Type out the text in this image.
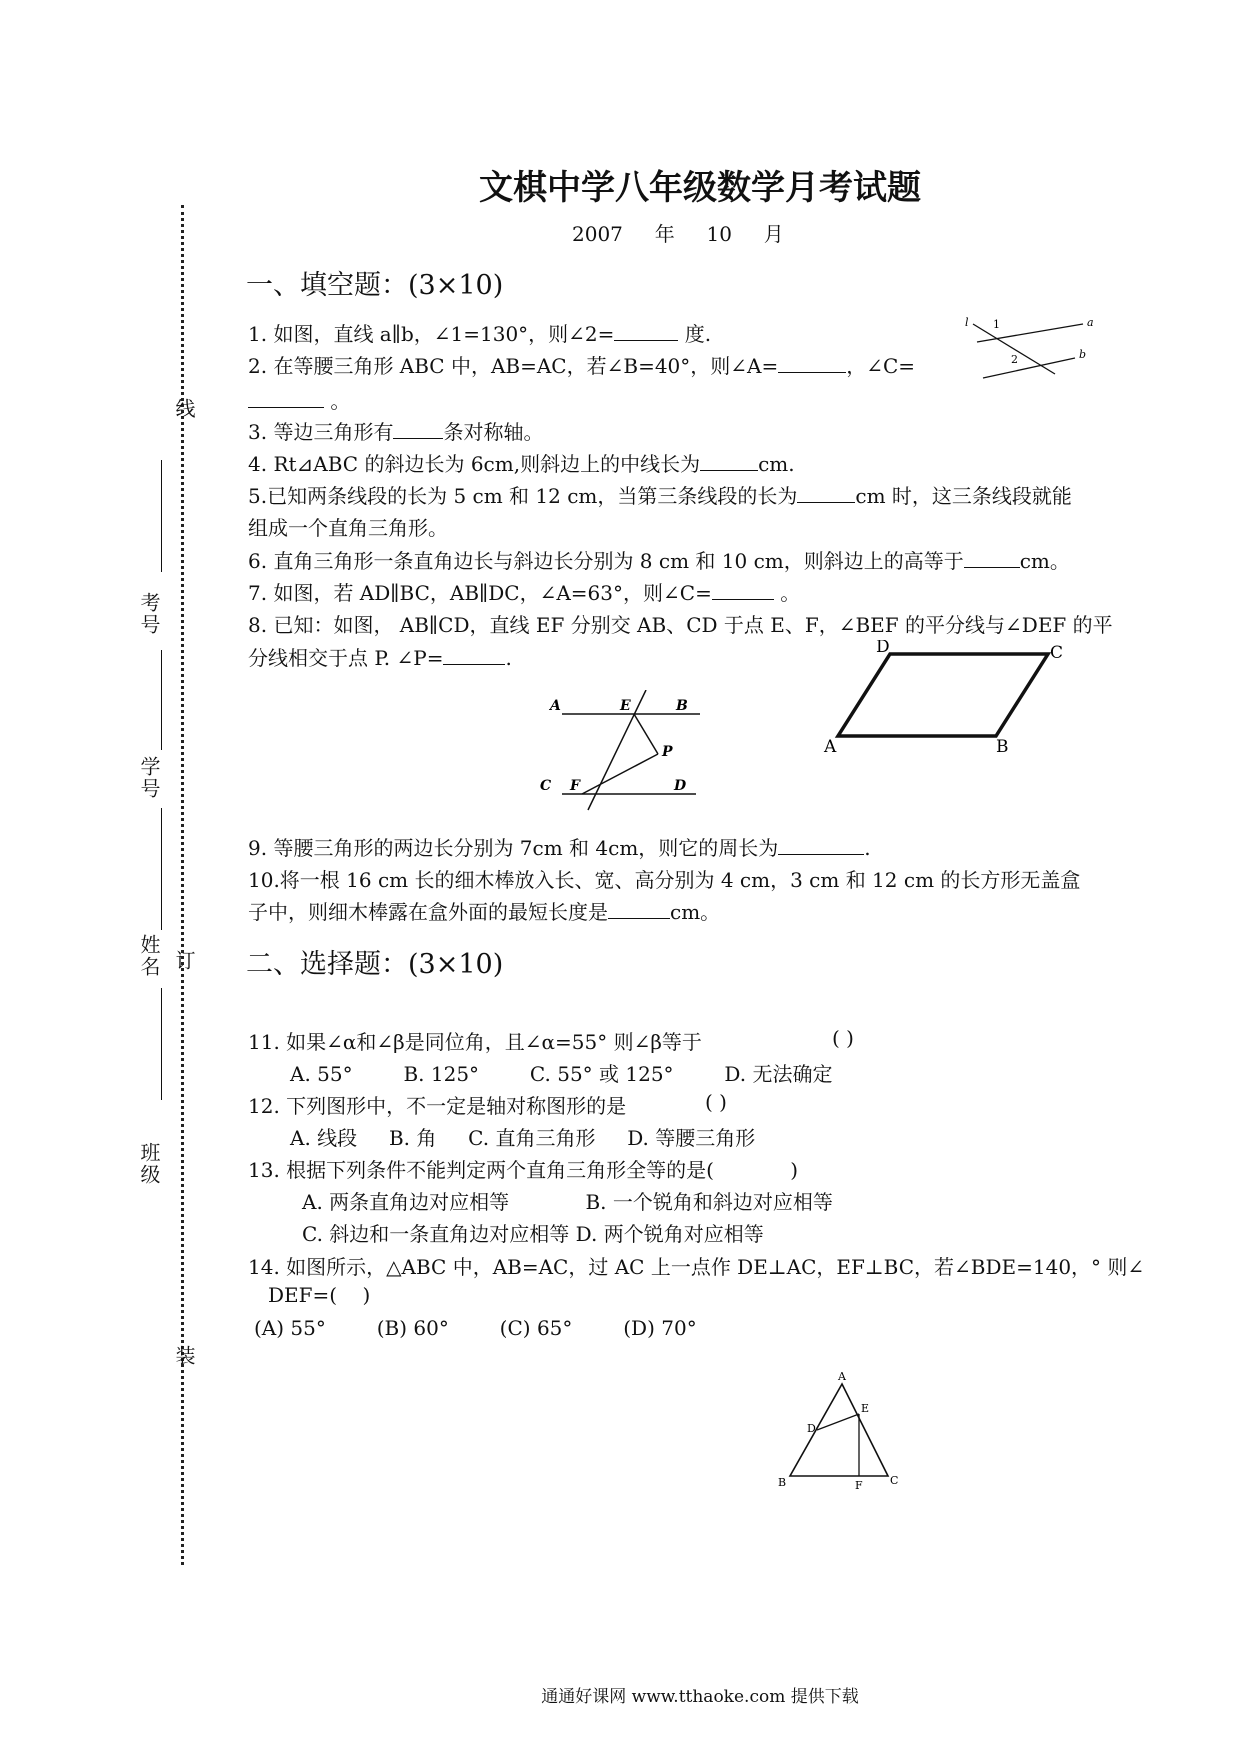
文棋中学八年级数学月考试题
2007 年 10 月
线
订
装
考号
学号
姓名
班级
一、填空题：(3×10)
1. 如图，直线 a∥b，∠1=130°，则∠2=	度.
2. 在等腰三角形 ABC 中，AB=AC，若∠B=40°，则∠A=	，∠C=
。
3. 等边三角形有	条对称轴。
4. Rt⊿ABC 的斜边长为 6cm,则斜边上的中线长为	cm.
5.已知两条线段的长为 5 cm 和 12 cm，当第三条线段的长为	cm 时，这三条线段就能
组成一个直角三角形。
6. 直角三角形一条直角边长与斜边长分别为 8 cm 和 10 cm，则斜边上的高等于	cm。
7. 如图，若 AD∥BC，AB∥DC，∠A=63°，则∠C=	。
8. 已知：如图， AB∥CD，直线 EF 分别交 AB、CD 于点 E、F，∠BEF 的平分线与∠DEF 的平
分线相交于点 P. ∠P=	.
a
b
l 1
2
A	E	B
P
C F	D
D	C
A	B
9. 等腰三角形的两边长分别为 7cm 和 4cm，则它的周长为	.
10.将一根 16 cm 长的细木棒放入长、宽、高分别为 4 cm，3 cm 和 12 cm 的长方形无盖盒
子中，则细木棒露在盒外面的最短长度是	cm。
二、选择题：(3×10)
11. 如果∠α和∠β是同位角，且∠α=55° 则∠β等于	( )
A. 55°        B. 125°        C. 55° 或 125°        D. 无法确定
12. 下列图形中，不一定是轴对称图形的是	( )
A. 线段     B. 角     C. 直角三角形     D. 等腰三角形
13. 根据下列条件不能判定两个直角三角形全等的是(            )
A. 两条直角边对应相等            B. 一个锐角和斜边对应相等
C. 斜边和一条直角边对应相等 D. 两个锐角对应相等
14. 如图所示，△ABC 中，AB=AC，过 AC 上一点作 DE⊥AC，EF⊥BC，若∠BDE=140，° 则∠
DEF=(    )
(A) 55°        (B) 60°        (C) 65°        (D) 70°
A
E
D
B	F C
通通好课网 www.tthaoke.com 提供下载
